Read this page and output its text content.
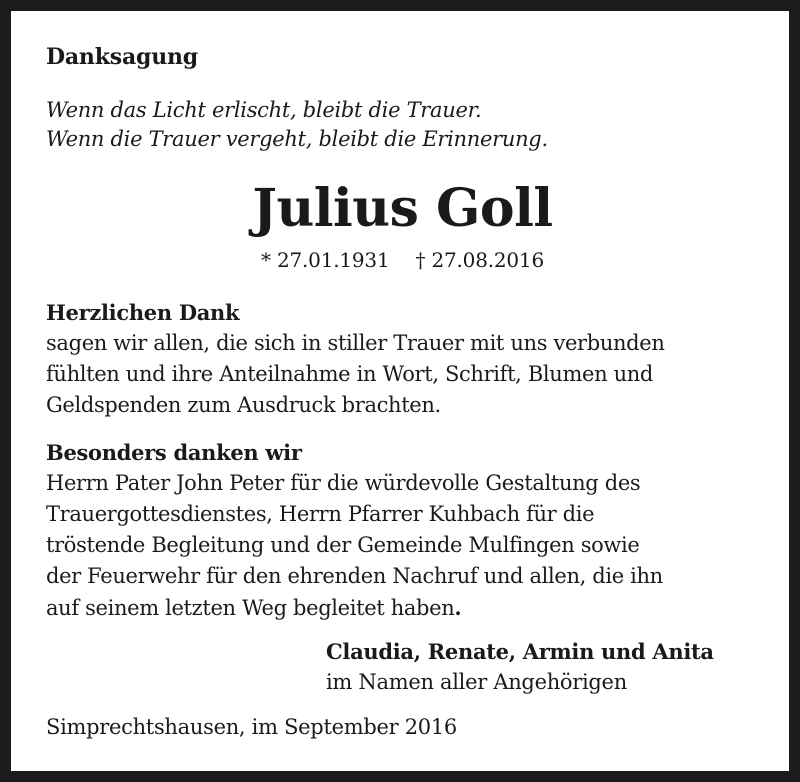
Danksagung
Wenn das Licht erlischt, bleibt die Trauer.
Wenn die Trauer vergeht, bleibt die Erinnerung.
Julius Goll
* 27.01.1931 † 27.08.2016
Herzlichen Dank
sagen wir allen, die sich in stiller Trauer mit uns verbunden
fühlten und ihre Anteilnahme in Wort, Schrift, Blumen und
Geldspenden zum Ausdruck brachten.
Besonders danken wir
Herrn Pater John Peter für die würdevolle Gestaltung des
Trauergottesdienstes, Herrn Pfarrer Kuhbach für die
tröstende Begleitung und der Gemeinde Mulfingen sowie
der Feuerwehr für den ehrenden Nachruf und allen, die ihn
auf seinem letzten Weg begleitet haben.
Claudia, Renate, Armin und Anita
im Namen aller Angehörigen
Simprechtshausen, im September 2016
